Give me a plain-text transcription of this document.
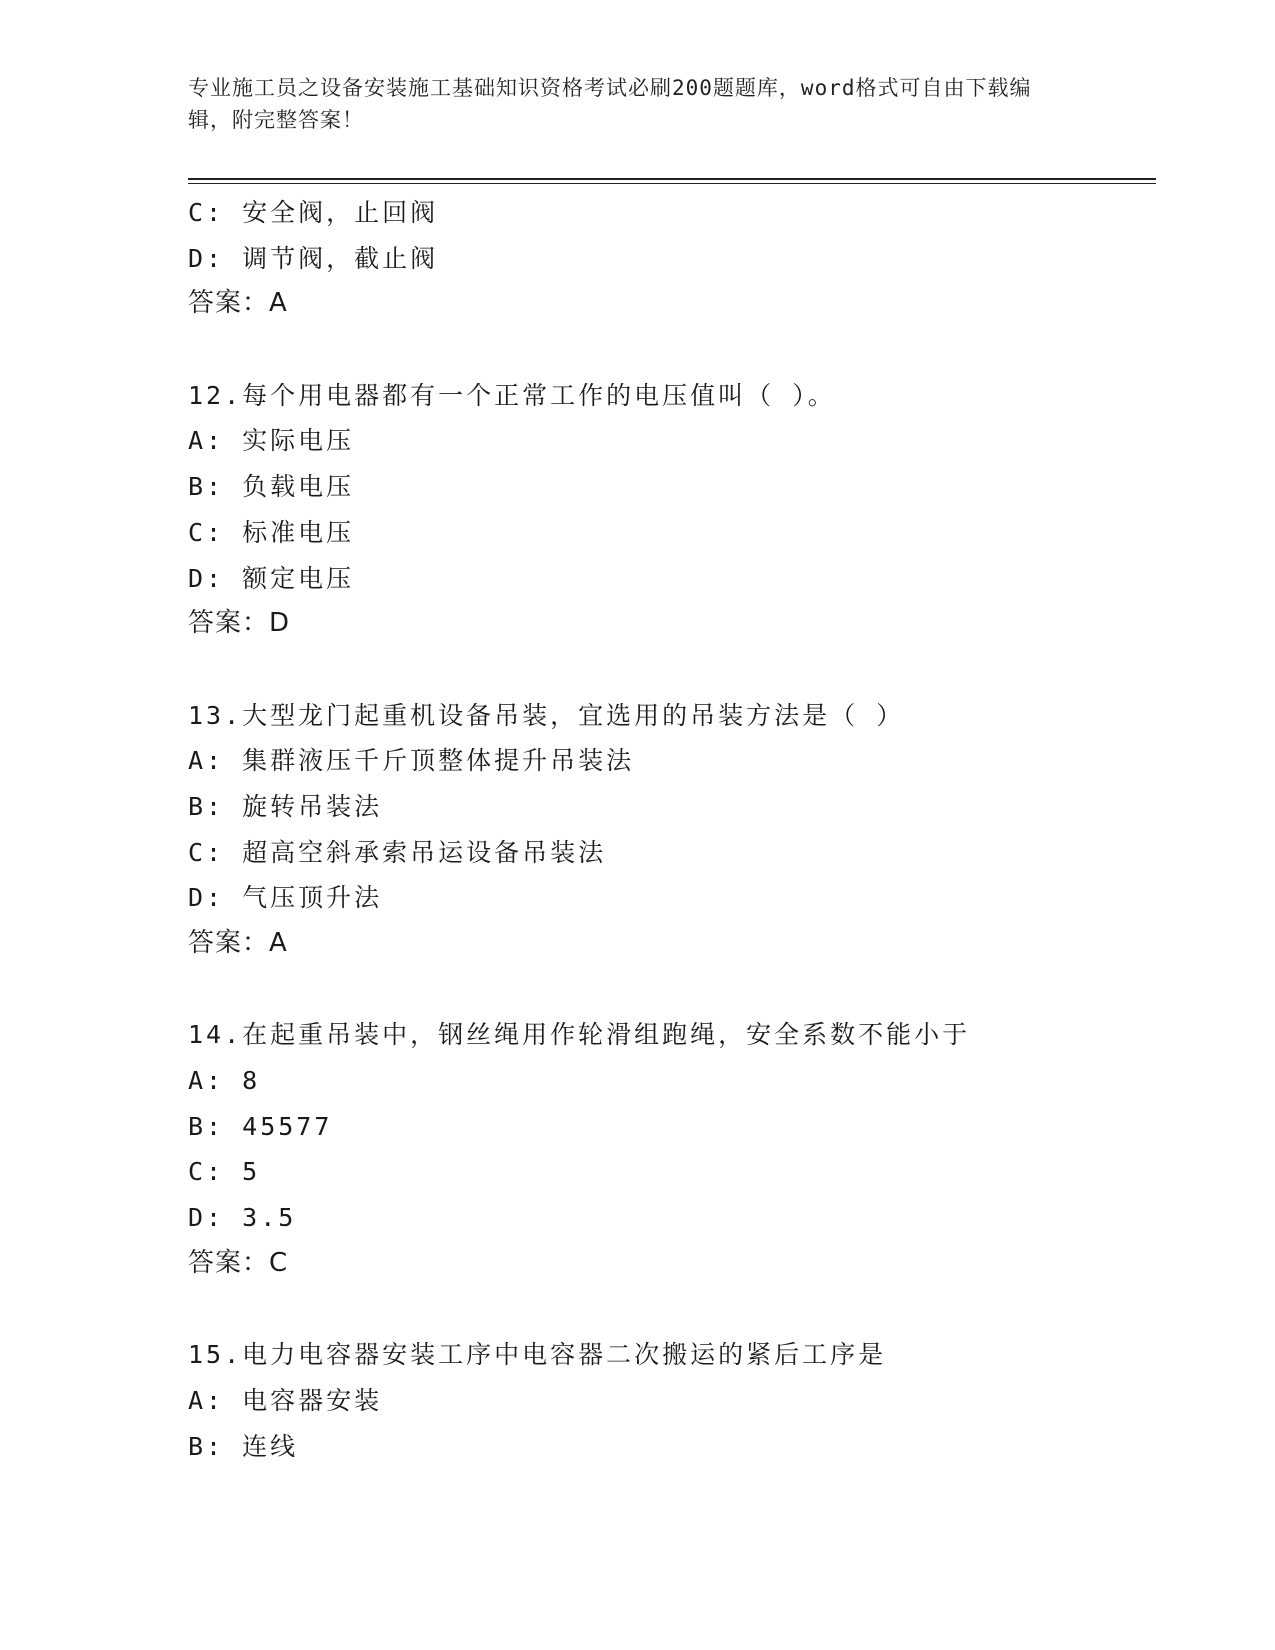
专业施工员之设备安装施工基础知识资格考试必刷200题题库，word格式可自由下载编辑，附完整答案！
C: 安全阀，止回阀
D: 调节阀，截止阀
答案：A
12.每个用电器都有一个正常工作的电压值叫（ ）。
A: 实际电压
B: 负载电压
C: 标准电压
D: 额定电压
答案：D
13.大型龙门起重机设备吊装，宜选用的吊装方法是（ ）
A: 集群液压千斤顶整体提升吊装法
B: 旋转吊装法
C: 超高空斜承索吊运设备吊装法
D: 气压顶升法
答案：A
14.在起重吊装中，钢丝绳用作轮滑组跑绳，安全系数不能小于
A: 8
B: 45577
C: 5
D: 3.5
答案：C
15.电力电容器安装工序中电容器二次搬运的紧后工序是
A: 电容器安装
B: 连线
